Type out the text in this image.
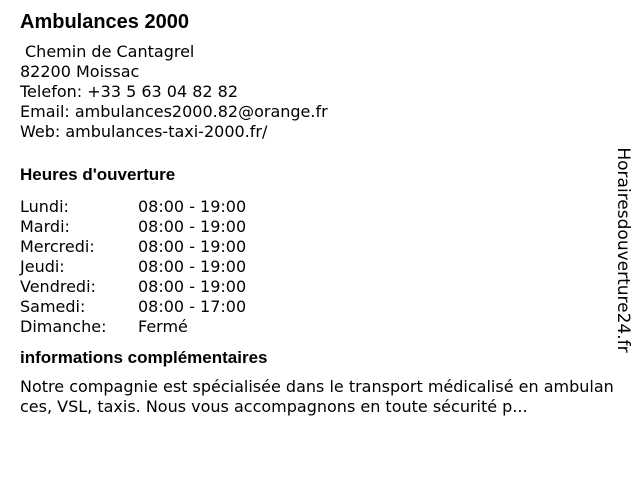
Ambulances 2000
Chemin de Cantagrel
82200 Moissac
Telefon: +33 5 63 04 82 82
Email: ambulances2000.82@orange.fr
Web: ambulances-taxi-2000.fr/
Heures d'ouverture
Lundi:	08:00 - 19:00
Mardi:	08:00 - 19:00
Mercredi:	08:00 - 19:00
Jeudi:	08:00 - 19:00
Vendredi:	08:00 - 19:00
Samedi:	08:00 - 17:00
Dimanche:	Fermé
informations complémentaires
Notre compagnie est spécialisée dans le transport médicalisé en ambulances, VSL, taxis. Nous vous accompagnons en toute sécurité p...
Horairesdouverture24.fr
